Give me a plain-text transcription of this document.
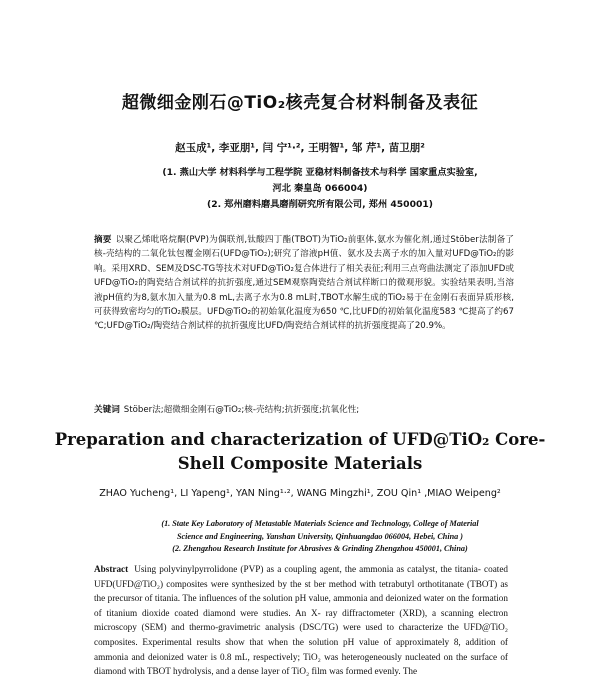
超微细金刚石@TiO₂核壳复合材料制备及表征
赵玉成¹, 李亚朋¹, 闫 宁¹·², 王明智¹, 邹 芹¹, 苗卫朋²
(1. 燕山大学 材料科学与工程学院 亚稳材料制备技术与科学 国家重点实验室,
河北 秦皇岛 066004)
(2. 郑州磨料磨具磨削研究所有限公司, 郑州 450001)
摘要 以聚乙烯吡咯烷酮(PVP)为偶联剂,钛酸四丁酯(TBOT)为TiO₂前驱体,氨水为催化剂,通过Stöber法制备了核-壳结构的二氧化钛包覆金刚石(UFD@TiO₂);研究了溶液pH值、氨水及去离子水的加入量对UFD@TiO₂的影响。采用XRD、SEM及DSC-TG等技术对UFD@TiO₂复合体进行了相关表征;利用三点弯曲法测定了添加UFD或UFD@TiO₂的陶瓷结合剂试样的抗折强度,通过SEM观察陶瓷结合剂试样断口的微观形貌。实验结果表明,当溶液pH值约为8,氨水加入量为0.8 mL,去离子水为0.8 mL时,TBOT水解生成的TiO₂易于在金刚石表面异质形核,可获得致密均匀的TiO₂膜层。UFD@TiO₂的初始氧化温度为650 ℃,比UFD的初始氧化温度583 ℃提高了约67 ℃;UFD@TiO₂/陶瓷结合剂试样的抗折强度比UFD/陶瓷结合剂试样的抗折强度提高了20.9%。
关键词 Stöber法;超微细金刚石@TiO₂;核-壳结构;抗折强度;抗氧化性;
Preparation and characterization of UFD@TiO₂ Core-
Shell Composite Materials
ZHAO Yucheng¹, LI Yapeng¹, YAN Ning¹·², WANG Mingzhi¹, ZOU Qin¹ ,MIAO Weipeng²
(1. State Key Laboratory of Metastable Materials Science and Technology, College of Material
Science and Engineering, Yanshan University, Qinhuangdao 066004, Hebei, China )
(2. Zhengzhou Research Institute for Abrasives & Grinding Zhengzhou 450001, China)
Abstract Using polyvinylpyrrolidone (PVP) as a coupling agent, the ammonia as catalyst, the titania- coated UFD(UFD@TiO₂) composites were synthesized by the st ber method with tetrabutyl orthotitanate (TBOT) as the precursor of titania. The influences of the solution pH value, ammonia and deionized water on the formation of titanium dioxide coated diamond were studies. An X- ray diffractometer (XRD), a scanning electron microscopy (SEM) and thermo-gravimetric analysis (DSC/TG) were used to characterize the UFD@TiO₂ composites. Experimental results show that when the solution pH value of approximately 8, addition of ammonia and deionized water is 0.8 mL, respectively; TiO₂ was heterogeneously nucleated on the surface of diamond with TBOT hydrolysis, and a dense layer of TiO₂ film was formed evenly. The
